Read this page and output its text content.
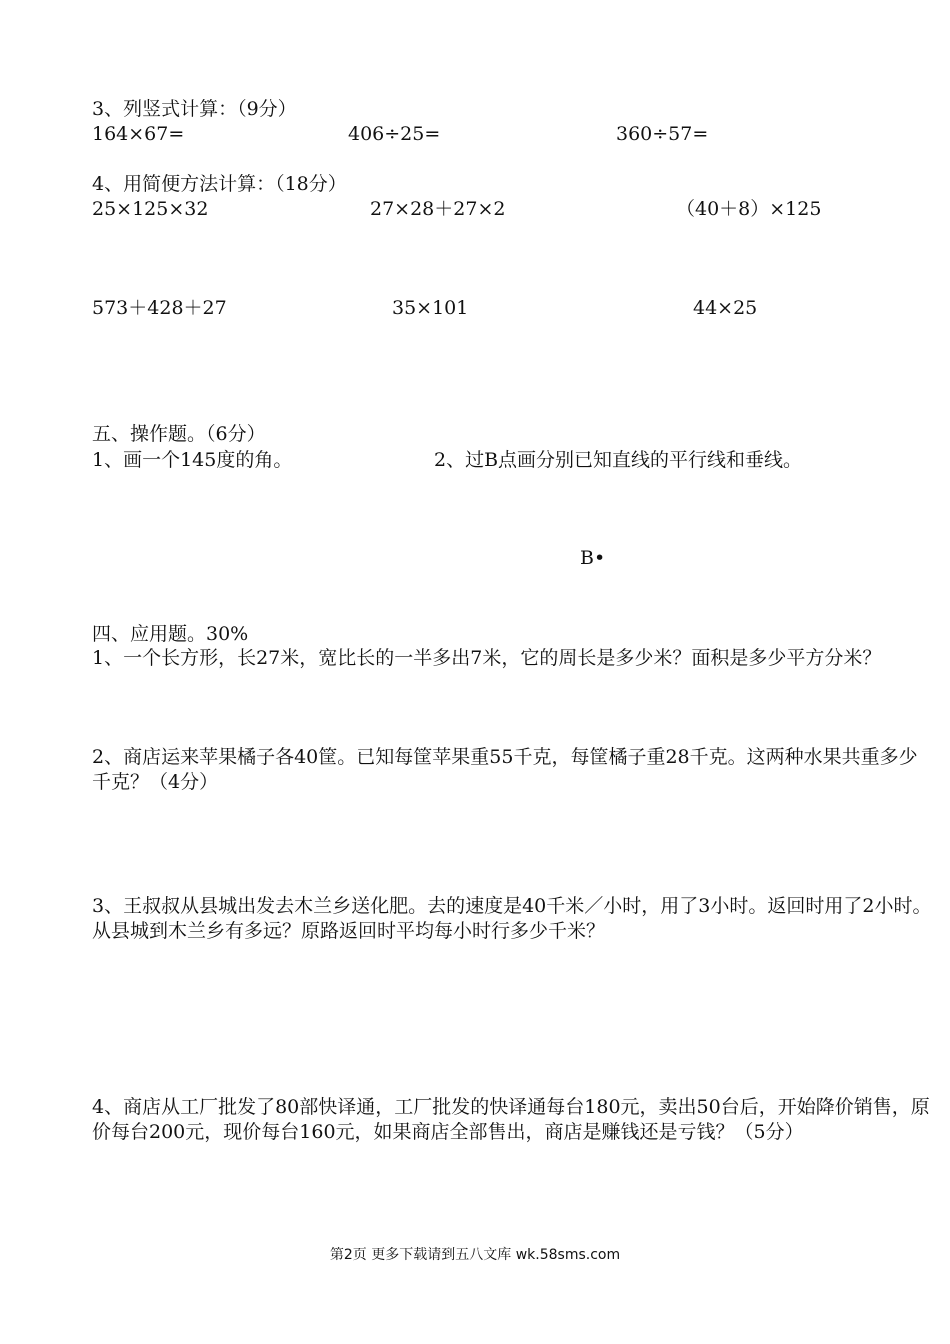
3、列竖式计算：（9分）
164×67=	406÷25=	360÷57=
4、用简便方法计算：（18分）
25×125×32	27×28＋27×2	（40＋8）×125
573＋428＋27	35×101	44×25
五、操作题。（6分）
1、画一个145度的角。	2、过B点画分别已知直线的平行线和垂线。
B•
四、应用题。30%
1、一个长方形，长27米，宽比长的一半多出7米，它的周长是多少米？面积是多少平方分米？
2、商店运来苹果橘子各40筐。已知每筐苹果重55千克，每筐橘子重28千克。这两种水果共重多少千克？（4分）
3、王叔叔从县城出发去木兰乡送化肥。去的速度是40千米／小时，用了3小时。返回时用了2小时。从县城到木兰乡有多远？原路返回时平均每小时行多少千米？
4、商店从工厂批发了80部快译通，工厂批发的快译通每台180元，卖出50台后，开始降价销售，原价每台200元，现价每台160元，如果商店全部售出，商店是赚钱还是亏钱？（5分）
第2页 更多下载请到五八文库 wk.58sms.com
